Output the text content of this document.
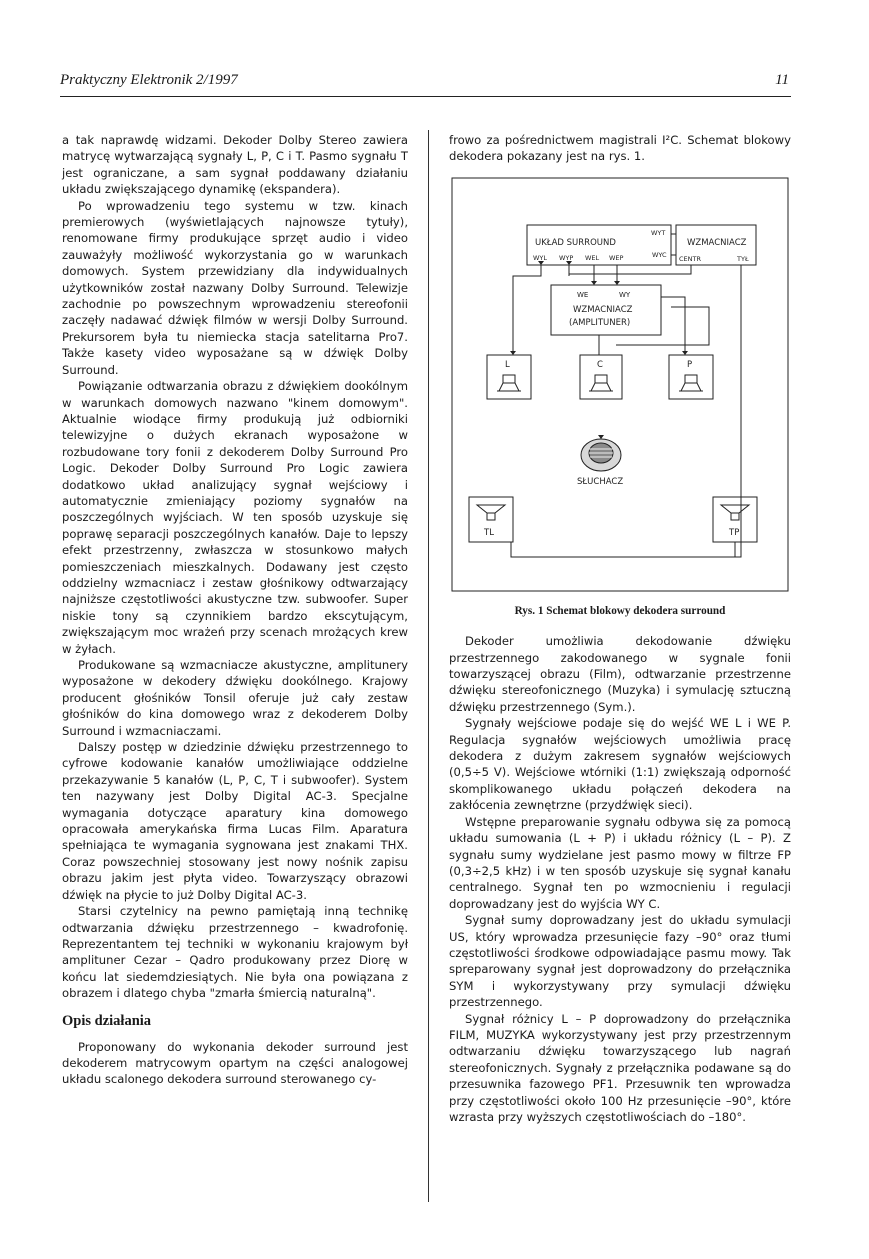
Praktyczny Elektronik 2/1997	11

a tak naprawdę widzami. Dekoder Dolby Stereo zawiera matrycę wytwarzającą sygnały L, P, C i T. Pasmo sygnału T jest ograniczane, a sam sygnał poddawany działaniu układu zwiększającego dynamikę (ekspandera).

Po wprowadzeniu tego systemu w tzw. kinach premierowych (wyświetlających najnowsze tytuły), renomowane firmy produkujące sprzęt audio i video zauważyły możliwość wykorzystania go w warunkach domowych. System przewidziany dla indywidualnych użytkowników został nazwany Dolby Surround. Telewizje zachodnie po powszechnym wprowadzeniu stereofonii zaczęły nadawać dźwięk filmów w wersji Dolby Surround. Prekursorem była tu niemiecka stacja satelitarna Pro7. Także kasety video wyposażane są w dźwięk Dolby Surround.

Powiązanie odtwarzania obrazu z dźwiękiem dookólnym w warunkach domowych nazwano "kinem domowym". Aktualnie wiodące firmy produkują już odbiorniki telewizyjne o dużych ekranach wyposażone w rozbudowane tory fonii z dekoderem Dolby Surround Pro Logic. Dekoder Dolby Surround Pro Logic zawiera dodatkowo układ analizujący sygnał wejściowy i automatycznie zmieniający poziomy sygnałów na poszczególnych wyjściach. W ten sposób uzyskuje się poprawę separacji poszczególnych kanałów. Daje to lepszy efekt przestrzenny, zwłaszcza w stosunkowo małych pomieszczeniach mieszkalnych. Dodawany jest często oddzielny wzmacniacz i zestaw głośnikowy odtwarzający najniższe częstotliwości akustyczne tzw. subwoofer. Super niskie tony są czynnikiem bardzo ekscytującym, zwiększającym moc wrażeń przy scenach mrożących krew w żyłach.

Produkowane są wzmacniacze akustyczne, amplitunery wyposażone w dekodery dźwięku dookólnego. Krajowy producent głośników Tonsil oferuje już cały zestaw głośników do kina domowego wraz z dekoderem Dolby Surround i wzmacniaczami.

Dalszy postęp w dziedzinie dźwięku przestrzennego to cyfrowe kodowanie kanałów umożliwiające oddzielne przekazywanie 5 kanałów (L, P, C, T i subwoofer). System ten nazywany jest Dolby Digital AC-3. Specjalne wymagania dotyczące aparatury kina domowego opracowała amerykańska firma Lucas Film. Aparatura spełniająca te wymagania sygnowana jest znakami THX. Coraz powszechniej stosowany jest nowy nośnik zapisu obrazu jakim jest płyta video. Towarzyszący obrazowi dźwięk na płycie to już Dolby Digital AC-3.

Starsi czytelnicy na pewno pamiętają inną technikę odtwarzania dźwięku przestrzennego – kwadrofonię. Reprezentantem tej techniki w wykonaniu krajowym był amplituner Cezar – Qadro produkowany przez Diorę w końcu lat siedemdziesiątych. Nie była ona powiązana z obrazem i dlatego chyba "zmarła śmiercią naturalną".

Opis działania

Proponowany do wykonania dekoder surround jest dekoderem matrycowym opartym na części analogowej układu scalonego dekodera surround sterowanego cy-

frowo za pośrednictwem magistrali I²C. Schemat blokowy dekodera pokazany jest na rys. 1.

UKŁAD SURROUND
WYT
WYC
WYL WYP WEL WEP
WZMACNIACZ
CENTR	TYŁ
WE	WY
WZMACNIACZ
(AMPLITUNER)
L	C	P
TL	TP
SŁUCHACZ
Rys. 1 Schemat blokowy dekodera surround

Dekoder umożliwia dekodowanie dźwięku przestrzennego zakodowanego w sygnale fonii towarzyszącej obrazu (Film), odtwarzanie przestrzenne dźwięku stereofonicznego (Muzyka) i symulację sztuczną dźwięku przestrzennego (Sym.).

Sygnały wejściowe podaje się do wejść WE L i WE P. Regulacja sygnałów wejściowych umożliwia pracę dekodera z dużym zakresem sygnałów wejściowych (0,5÷5 V). Wejściowe wtórniki (1:1) zwiększają odporność skomplikowanego układu połączeń dekodera na zakłócenia zewnętrzne (przydźwięk sieci).

Wstępne preparowanie sygnału odbywa się za pomocą układu sumowania (L + P) i układu różnicy (L – P). Z sygnału sumy wydzielane jest pasmo mowy w filtrze FP (0,3÷2,5 kHz) i w ten sposób uzyskuje się sygnał kanału centralnego. Sygnał ten po wzmocnieniu i regulacji doprowadzany jest do wyjścia WY C.

Sygnał sumy doprowadzany jest do układu symulacji US, który wprowadza przesunięcie fazy –90° oraz tłumi częstotliwości środkowe odpowiadające pasmu mowy. Tak spreparowany sygnał jest doprowadzony do przełącznika SYM i wykorzystywany przy symulacji dźwięku przestrzennego.

Sygnał różnicy L – P doprowadzony do przełącznika FILM, MUZYKA wykorzystywany jest przy przestrzennym odtwarzaniu dźwięku towarzyszącego lub nagrań stereofonicznych. Sygnały z przełącznika podawane są do przesuwnika fazowego PF1. Przesuwnik ten wprowadza przy częstotliwości około 100 Hz przesunięcie –90°, które wzrasta przy wyższych częstotliwościach do –180°.
